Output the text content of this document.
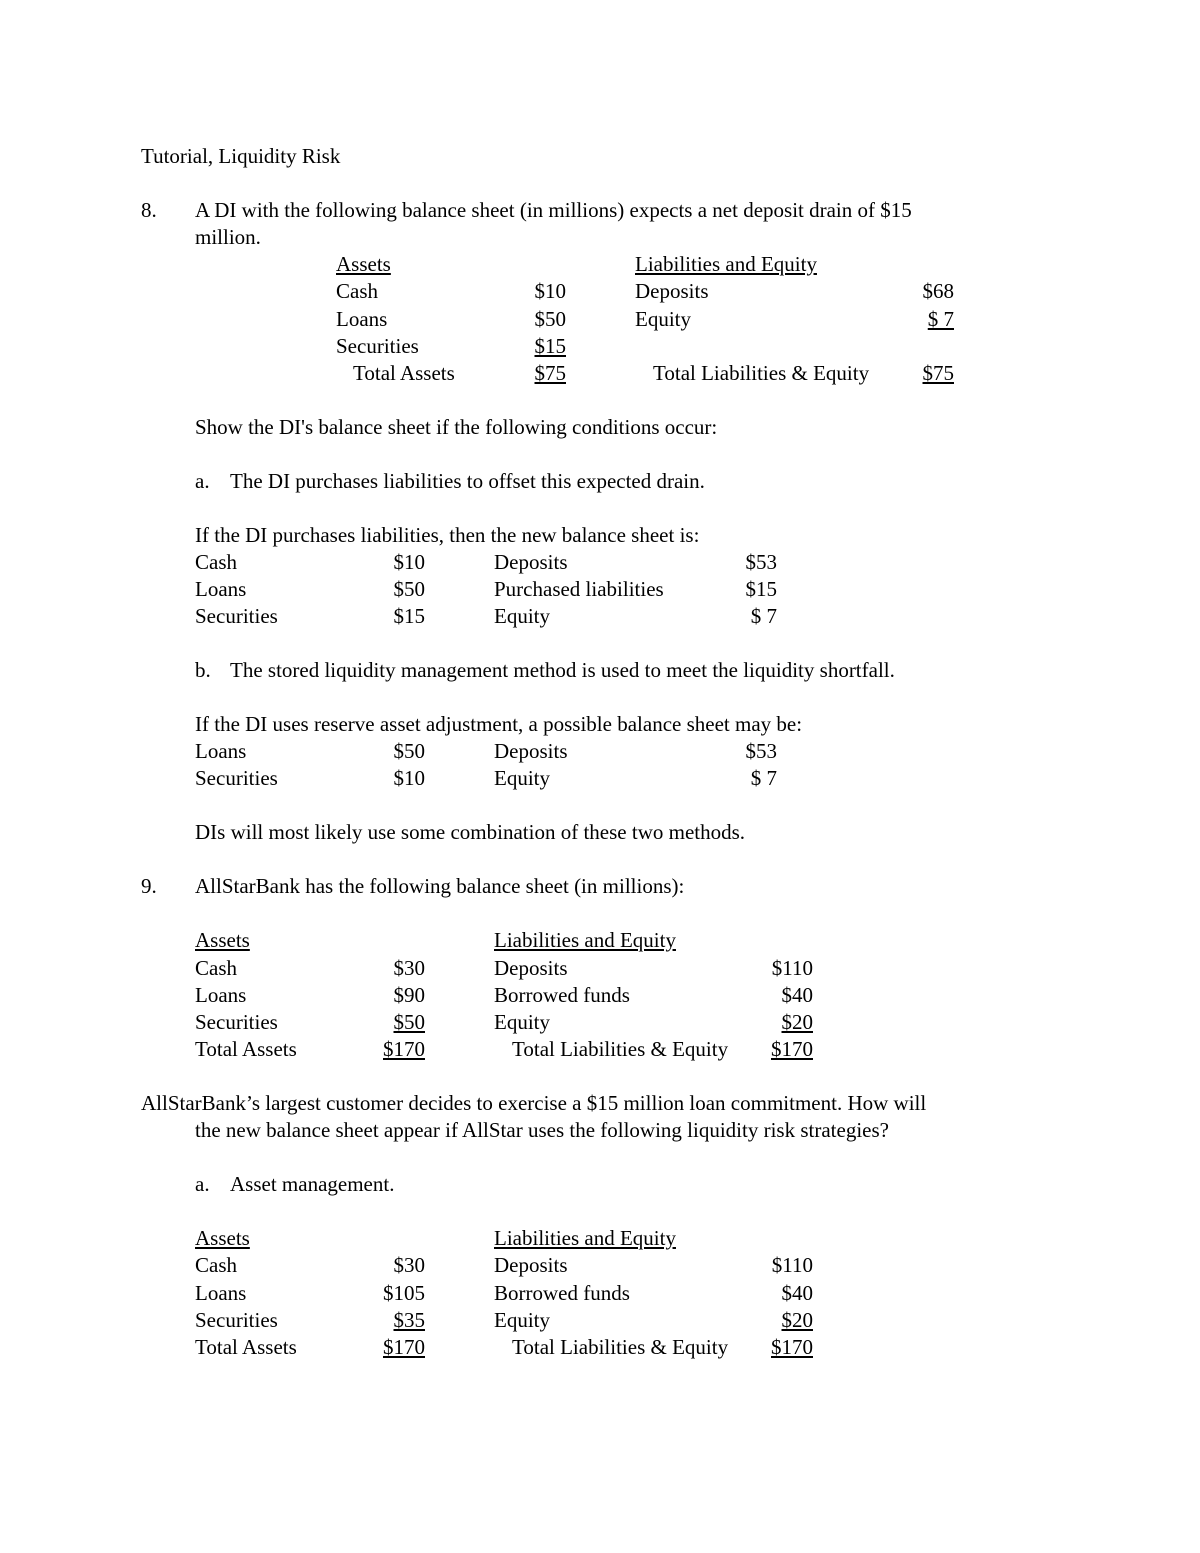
Tutorial, Liquidity Risk
8. A DI with the following balance sheet (in millions) expects a net deposit drain of $15
million.
Assets	Liabilities and Equity
Cash	$10	Deposits	$68
Loans	$50	Equity	$ 7
Securities	$15
Total Assets	$75	Total Liabilities & Equity	$75
Show the DI's balance sheet if the following conditions occur:
a. The DI purchases liabilities to offset this expected drain.
If the DI purchases liabilities, then the new balance sheet is:
Cash	$10	Deposits	$53
Loans	$50	Purchased liabilities	$15
Securities	$15	Equity	$ 7
b. The stored liquidity management method is used to meet the liquidity shortfall.
If the DI uses reserve asset adjustment, a possible balance sheet may be:
Loans	$50	Deposits	$53
Securities	$10	Equity	$ 7
DIs will most likely use some combination of these two methods.
9. AllStarBank has the following balance sheet (in millions):
Assets	Liabilities and Equity
Cash	$30	Deposits	$110
Loans	$90	Borrowed funds	$40
Securities	$50	Equity	$20
Total Assets	$170	Total Liabilities & Equity	$170
AllStarBank’s largest customer decides to exercise a $15 million loan commitment. How will
the new balance sheet appear if AllStar uses the following liquidity risk strategies?
a. Asset management.
Assets	Liabilities and Equity
Cash	$30	Deposits	$110
Loans	$105	Borrowed funds	$40
Securities	$35	Equity	$20
Total Assets	$170	Total Liabilities & Equity	$170
